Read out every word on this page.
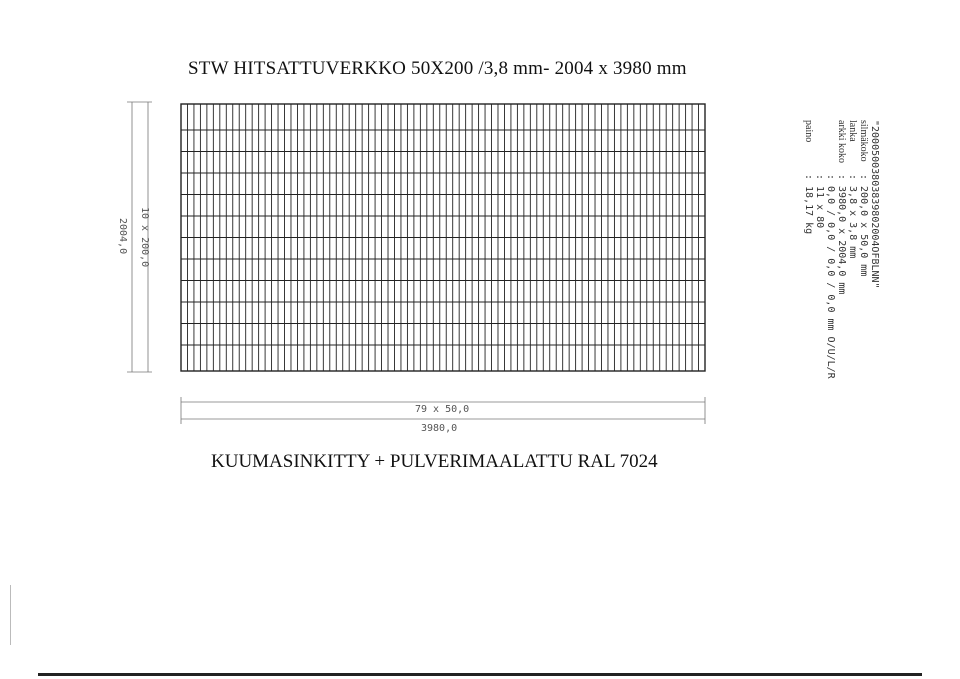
STW HITSATTUVERKKO 50X200 /3,8 mm- 2004 x 3980 mm
10 x 200,0
2004,0
79 x 50,0
3980,0
"20005003803839802004OFBLNN"
silmäkoko
: 200,0 x 50,0 mm
lanka
: 3,8 x 3,8 mm
arkki koko
: 3980,0 x 2004,0 mm
: 0,0 / 0,0 / 0,0 / 0,0 mm O/U/L/R
: 11 x 80
paino
: 18,17 kg
KUUMASINKITTY + PULVERIMAALATTU RAL 7024
